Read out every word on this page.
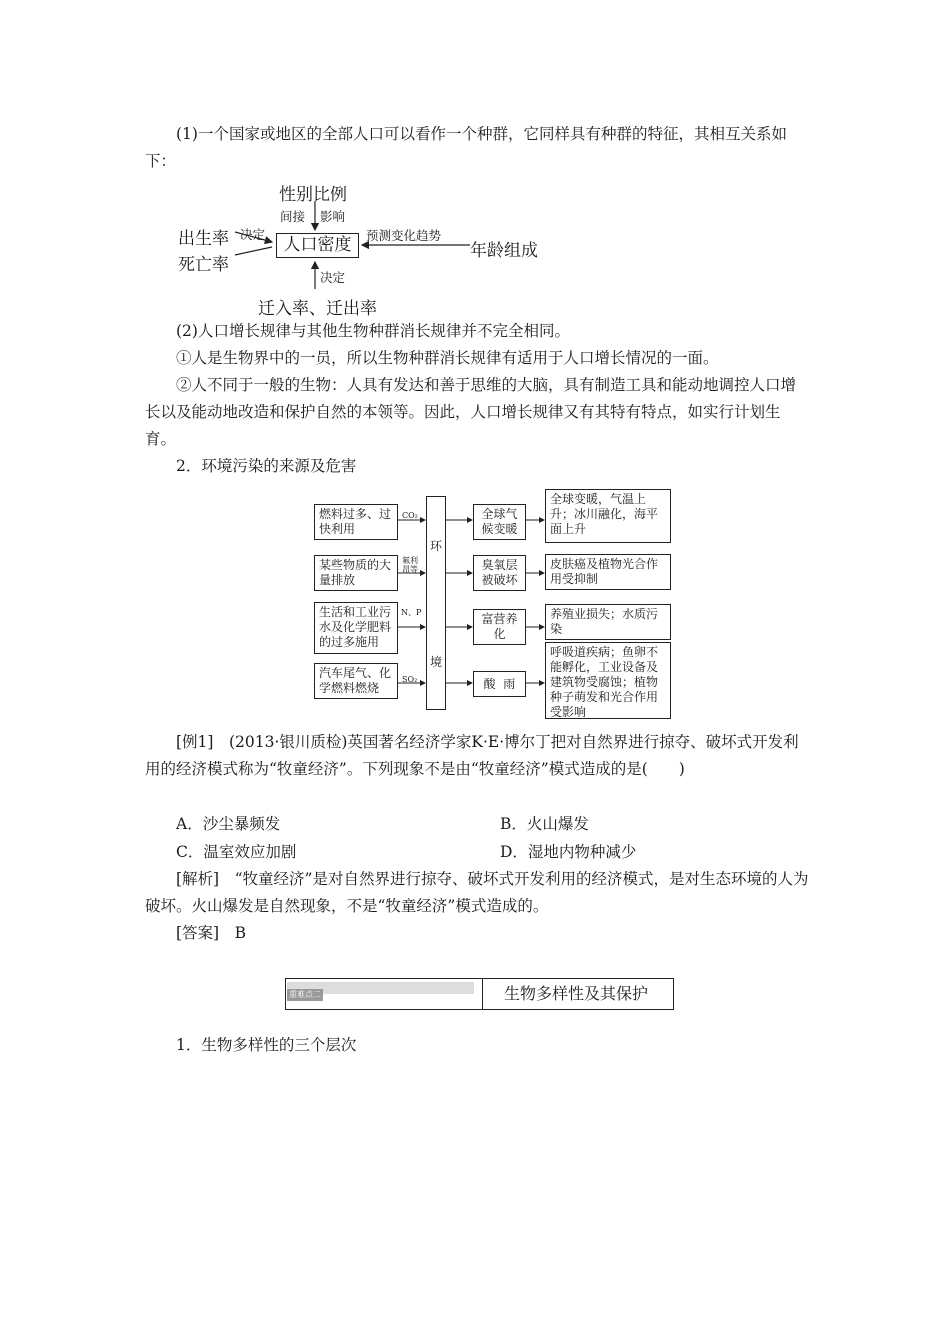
(1)一个国家或地区的全部人口可以看作一个种群，它同样具有种群的特征，其相互关系如下：

性别比例
间接 影响
出生率 决定
死亡率
人口密度	预测变化趋势
年龄组成
决定
迁入率、迁出率

(2)人口增长规律与其他生物种群消长规律并不完全相同。

①人是生物界中的一员，所以生物种群消长规律有适用于人口增长情况的一面。

②人不同于一般的生物：人具有发达和善于思维的大脑，具有制造工具和能动地调控人口增长以及能动地改造和保护自然的本领等。因此，人口增长规律又有其特有特点，如实行计划生育。

2．环境污染的来源及危害

燃料过多、过快利用
某些物质的大量排放
生活和工业污水及化学肥料的过多施用
汽车尾气、化学燃料燃烧
CO₂
氟利昂等
N、P
SO₂
环
境
全球气候变暖
臭氧层被破坏
富营养化
酸  雨
全球变暖，气温上升；冰川融化，海平面上升
皮肤癌及植物光合作用受抑制
养殖业损失；水质污染
呼吸道疾病；鱼卵不能孵化，工业设备及建筑物受腐蚀；植物种子萌发和光合作用受影响

[例1]　(2013·银川质检)英国著名经济学家K·E·博尔丁把对自然界进行掠夺、破坏式开发利用的经济模式称为“牧童经济”。下列现象不是由“牧童经济”模式造成的是(　　)

A．沙尘暴频发	B．火山爆发
C．温室效应加剧	D．湿地内物种减少

[解析]　“牧童经济”是对自然界进行掠夺、破坏式开发利用的经济模式，是对生态环境的人为破坏。火山爆发是自然现象，不是“牧童经济”模式造成的。

[答案]　B

生物多样性及其保护
重难点二

1．生物多样性的三个层次
